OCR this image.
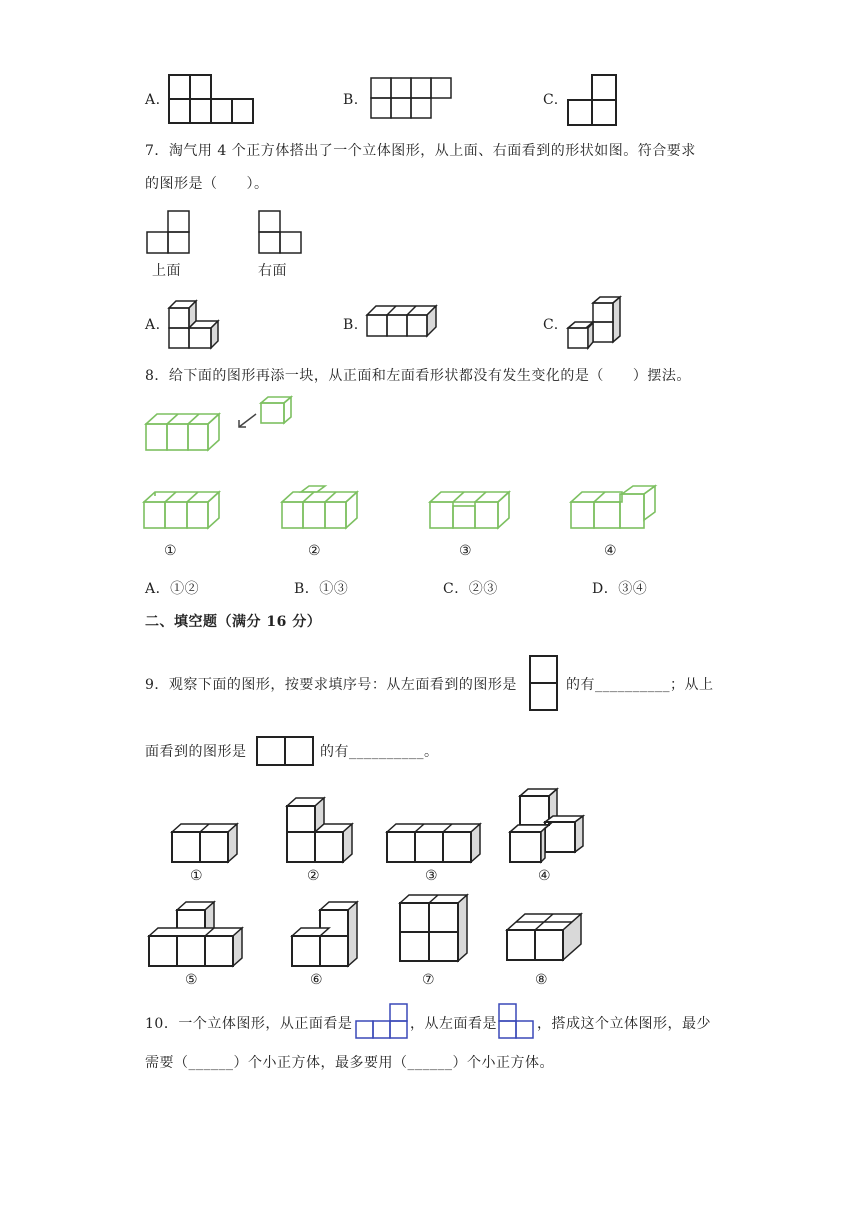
A.	B.	C.
7．淘气用 4 个正方体搭出了一个立体图形，从上面、右面看到的形状如图。符合要求
的图形是（　　）。
上面	右面
A.	B.	C.
8．给下面的图形再添一块，从正面和左面看形状都没有发生变化的是（　　）摆法。
①	②	③	④
A．①②	B．①③	C．②③	D．③④
二、填空题（满分 16 分）
9．观察下面的图形，按要求填序号：从左面看到的图形是	的有__________；从上
面看到的图形是	的有__________。
①	②	③	④
⑤	⑥	⑦	⑧
10．一个立体图形，从正面看是	，从左面看是	，搭成这个立体图形，最少
需要（______）个小正方体，最多要用（______）个小正方体。
